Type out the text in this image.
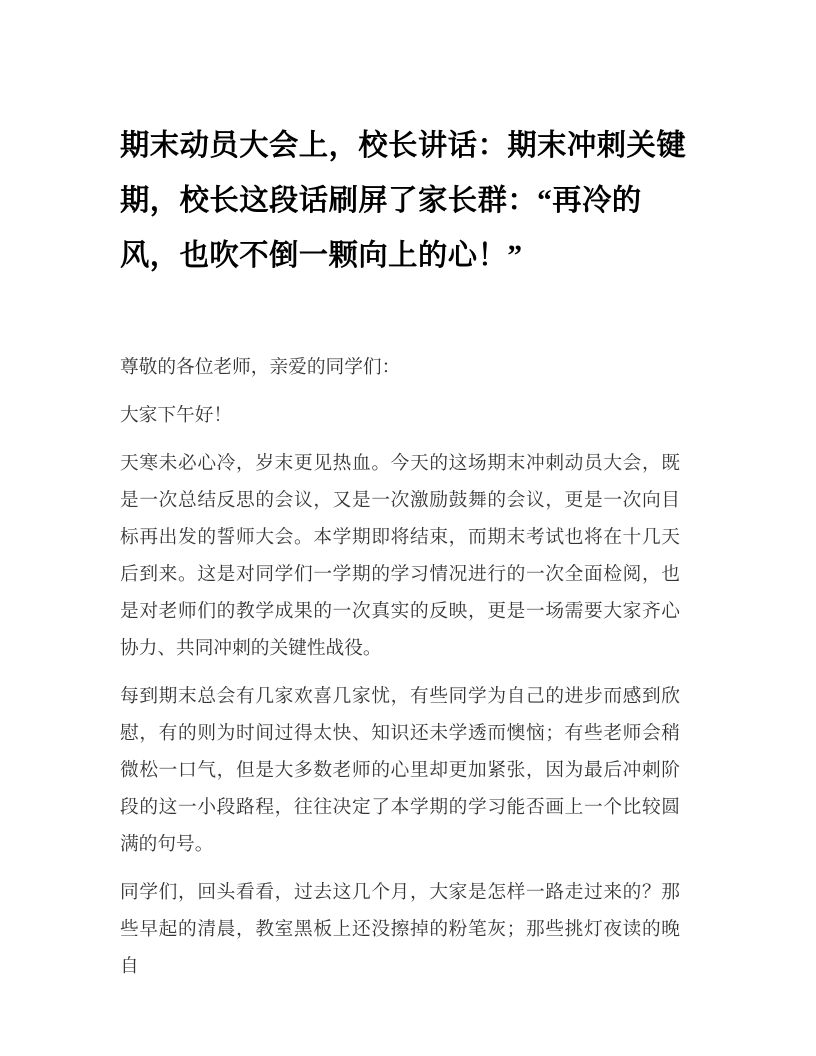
期末动员大会上，校长讲话：期末冲刺关键
期，校长这段话刷屏了家长群：“再冷的
风，也吹不倒一颗向上的心！”

尊敬的各位老师，亲爱的同学们：

大家下午好！

天寒未必心冷，岁末更见热血。今天的这场期末冲刺动员大会，既是一次总结反思的会议，又是一次激励鼓舞的会议，更是一次向目标再出发的誓师大会。本学期即将结束，而期末考试也将在十几天后到来。这是对同学们一学期的学习情况进行的一次全面检阅，也是对老师们的教学成果的一次真实的反映，更是一场需要大家齐心协力、共同冲刺的关键性战役。

每到期末总会有几家欢喜几家忧，有些同学为自己的进步而感到欣慰，有的则为时间过得太快、知识还未学透而懊恼；有些老师会稍微松一口气，但是大多数老师的心里却更加紧张，因为最后冲刺阶段的这一小段路程，往往决定了本学期的学习能否画上一个比较圆满的句号。

同学们，回头看看，过去这几个月，大家是怎样一路走过来的？那些早起的清晨，教室黑板上还没擦掉的粉笔灰；那些挑灯夜读的晚自
